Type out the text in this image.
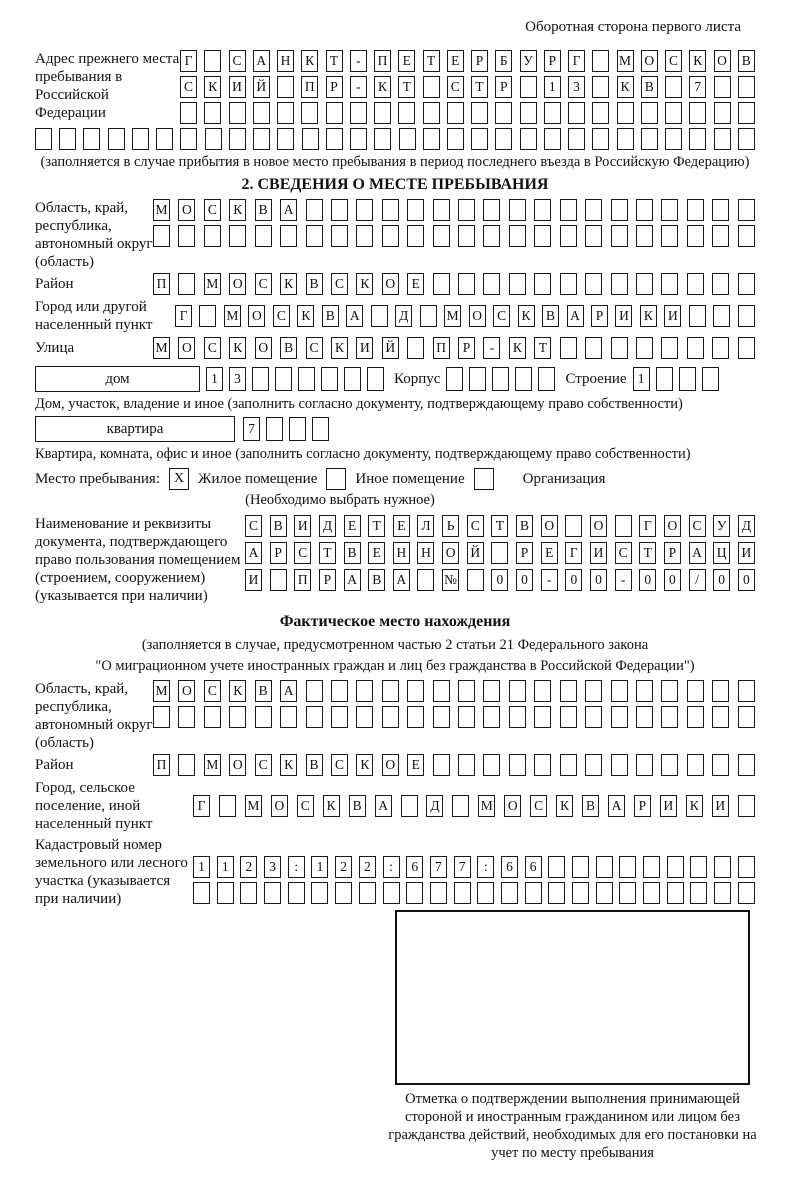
Оборотная сторона первого листа
Адрес прежнего места пребывания в Российской Федерации
Г	С А Н К	Т	-	П	Е	Т	Е	Р	Б	У	Р	Г	М О С К О В
С К И Й	П	Р	-	К	Т	С	Т	Р	1	3	К В	7
(заполняется в случае прибытия в новое место пребывания в период последнего въезда в Российскую Федерацию)
2. СВЕДЕНИЯ О МЕСТЕ ПРЕБЫВАНИЯ
Область, край, республика, автономный округ (область)
М О С К В А
Район	П	М О С К В С К О	Е
Город или другой населенный пункт
Г	М О С К В А	Д	М О С К В А	Р	И К И
Улица	М О С К О В С К И Й	П	Р	-	К	Т
дом	1	3	Корпус	Строение 1
Дом, участок, владение и иное (заполнить согласно документу, подтверждающему право собственности)
квартира	7
Квартира, комната, офис и иное (заполнить согласно документу, подтверждающему право собственности)
Место пребывания: X Жилое помещение	Иное помещение	Организация
(Необходимо выбрать нужное)
Наименование и реквизиты документа, подтверждающего право пользования помещением (строением, сооружением) (указывается при наличии)
С В И Д	Е	Т	Е	Л	Ь	С	Т	В О	О	Г	О С У Д
А	Р	С	Т	В	Е	Н Н О Й	Р	Е	Г	И С	Т	Р	А Ц И
И	П	Р	А В А	№	0	0	-	0	0	-	0	0	/	0	0
Фактическое место нахождения
(заполняется в случае, предусмотренном частью 2 статьи 21 Федерального закона
"О миграционном учете иностранных граждан и лиц без гражданства в Российской Федерации")
Область, край, республика, автономный округ (область)
М О С К В А
Район	П	М О С К В С К О	Е
Город, сельское поселение, иной населенный пункт
Г	М О С К В А	Д	М О С К В А	Р	И К И
Кадастровый номер земельного или лесного участка (указывается при наличии)
1	1	2	3	:	1	2	2	:	6	7	7	:	6	6
Отметка о подтверждении выполнения принимающей стороной и иностранным гражданином или лицом без гражданства действий, необходимых для его постановки на учет по месту пребывания
